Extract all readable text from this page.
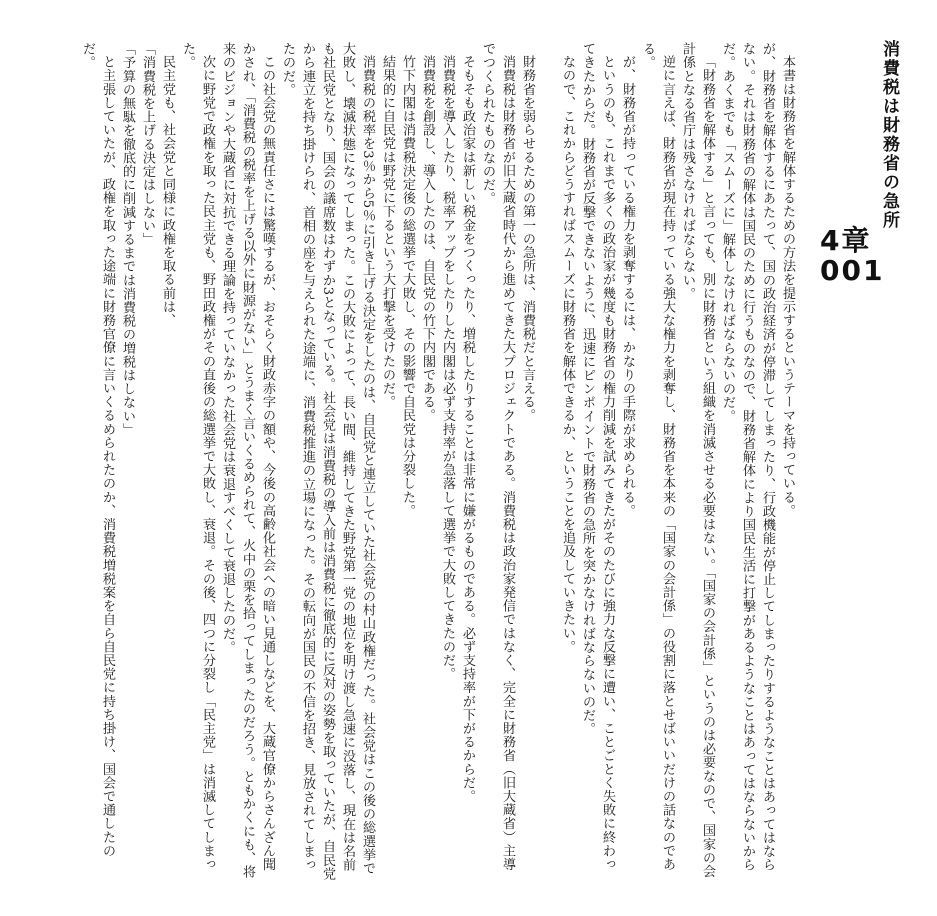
消費税は財務省の急所
4章
001

本書は財務省を解体するための方法を提示するというテーマを持っている。

が、財務省を解体するにあたって、国の政治経済が停滞してしまったり、行政機能が停止してしまったりするようなことはあってはならない。それは財務省の解体は国民のために行うものなので、財務省解体により国民生活に打撃があるようなことはあってはならないからだ。あくまでも「スムーズに」解体しなければならないのだ。

「財務省を解体する」と言っても、別に財務省という組織を消滅させる必要はない。「国家の会計係」というのは必要なので、国家の会計係となる省庁は残さなければならない。

逆に言えば、財務省が現在持っている強大な権力を剥奪し、財務省を本来の「国家の会計係」の役割に落とせばいいだけの話なのである。

が、財務省が持っている権力を剥奪するには、かなりの手際が求められる。

というのも、これまで多くの政治家が幾度も財務省の権力削減を試みてきたがそのたびに強力な反撃に遭い、ことごとく失敗に終わってきたからだ。財務省が反撃できないように、迅速にピンポイントで財務省の急所を突かなければならないのだ。

なので、これからどうすればスムーズに財務省を解体できるか、ということを追及していきたい。

財務省を弱らせるための第一の急所は、消費税だと言える。

消費税は財務省が旧大蔵省時代から進めてきた大プロジェクトである。消費税は政治家発信ではなく、完全に財務省（旧大蔵省）主導でつくられたものなのだ。

そもそも政治家は新しい税金をつくったり、増税したりすることは非常に嫌がるものである。必ず支持率が下がるからだ。

消費税を導入したり、税率アップをしたりした内閣は必ず支持率が急落して選挙で大敗してきたのだ。

消費税を創設し、導入したのは、自民党の竹下内閣である。

竹下内閣は消費税決定後の総選挙で大敗し、その影響で自民党は分裂した。

結果的に自民党は野党に下るという大打撃を受けたのだ。

消費税の税率を3％から5％に引き上げる決定をしたのは、自民党と連立していた社会党の村山政権だった。社会党はこの後の総選挙で大敗し、壊滅状態になってしまった。この大敗によって、長い間、維持してきた野党第一党の地位を明け渡し急速に没落し、現在は名前も社民党となり、国会の議席数はわずか3となっている。社会党は消費税の導入前は消費税に徹底的に反対の姿勢を取っていたが、自民党から連立を持ち掛けられ、首相の座を与えられた途端に、消費税推進の立場になった。その転向が国民の不信を招き、見放されてしまったのだ。

この社会党の無責任さには驚嘆するが、おそらく財政赤字の額や、今後の高齢化社会への暗い見通しなどを、大蔵官僚からさんざん聞かされ、「消費税の税率を上げる以外に財源がない」とうまく言いくるめられて、火中の栗を拾ってしまったのだろう。ともかくにも、将来のビジョンや大蔵省に対抗できる理論を持っていなかった社会党は衰退すべくして衰退したのだ。

次に野党で政権を取った民主党も、野田政権がその直後の総選挙で大敗し、衰退。その後、四つに分裂し「民主党」は消滅してしまった。

民主党も、社会党と同様に政権を取る前は、

「消費税を上げる決定はしない」

「予算の無駄を徹底的に削減するまでは消費税の増税はしない」

と主張していたが、政権を取った途端に財務官僚に言いくるめられたのか、消費税増税案を自ら自民党に持ち掛け、国会で通したのだ。
